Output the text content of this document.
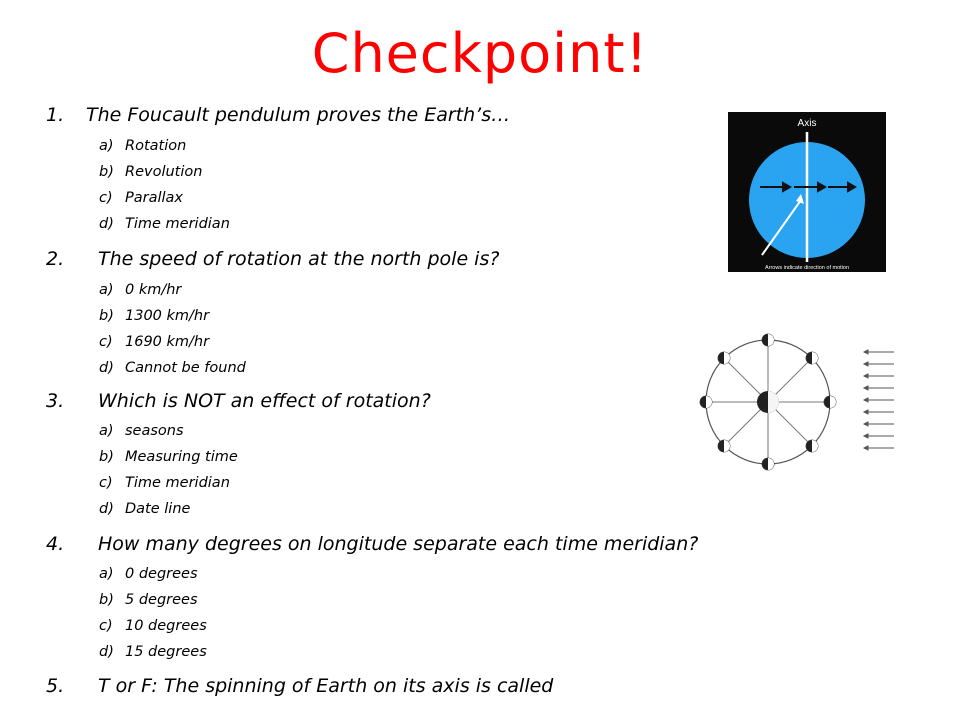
Checkpoint!
1. The Foucault pendulum proves the Earth’s…
a) Rotation
b) Revolution
c) Parallax
d) Time meridian
2. The speed of rotation at the north pole is?
a) 0 km/hr
b) 1300 km/hr
c) 1690 km/hr
d) Cannot be found
3. Which is NOT an effect of rotation?
a) seasons
b) Measuring time
c) Time meridian
d) Date line
4. How many degrees on longitude separate each time meridian?
a) 0 degrees
b) 5 degrees
c) 10 degrees
d) 15 degrees
5. T or F: The spinning of Earth on its axis is called
Axis
Arrows indicate direction of motion
